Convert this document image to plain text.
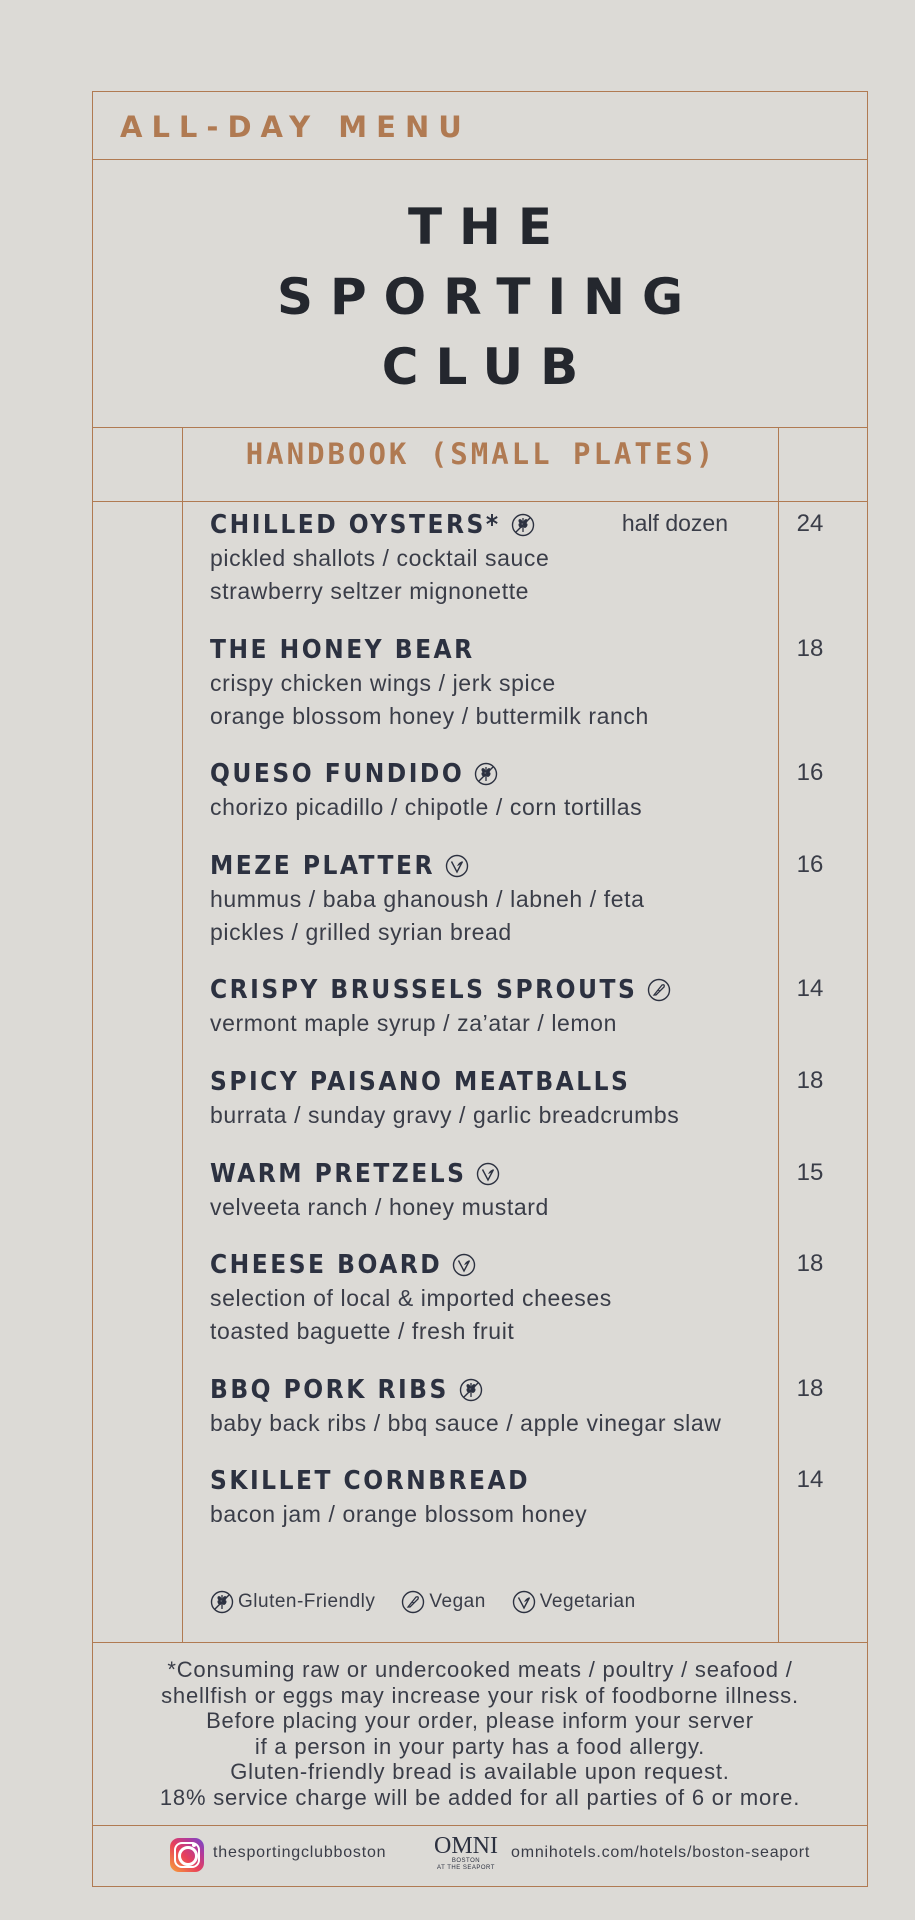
ALL-DAY MENU
THE
SPORTING
CLUB
HANDBOOK (SMALL PLATES)
CHILLED OYSTERS*	half dozen	24
pickled shallots / cocktail sauce
strawberry seltzer mignonette
THE HONEY BEAR	18
crispy chicken wings / jerk spice
orange blossom honey / buttermilk ranch
QUESO FUNDIDO	16
chorizo picadillo / chipotle / corn tortillas
MEZE PLATTER	16
hummus / baba ghanoush / labneh / feta
pickles / grilled syrian bread
CRISPY BRUSSELS SPROUTS	14
vermont maple syrup / za’atar / lemon
SPICY PAISANO MEATBALLS	18
burrata / sunday gravy / garlic breadcrumbs
WARM PRETZELS	15
velveeta ranch / honey mustard
CHEESE BOARD	18
selection of local & imported cheeses
toasted baguette / fresh fruit
BBQ PORK RIBS	18
baby back ribs / bbq sauce / apple vinegar slaw
SKILLET CORNBREAD	14
bacon jam / orange blossom honey
Gluten-Friendly	Vegan	Vegetarian
*Consuming raw or undercooked meats / poultry / seafood /
shellfish or eggs may increase your risk of foodborne illness.
Before placing your order, please inform your server
if a person in your party has a food allergy.
Gluten-friendly bread is available upon request.
18% service charge will be added for all parties of 6 or more.
thesportingclubboston	OMNI
BOSTON
AT THE SEAPORT
omnihotels.com/hotels/boston-seaport
